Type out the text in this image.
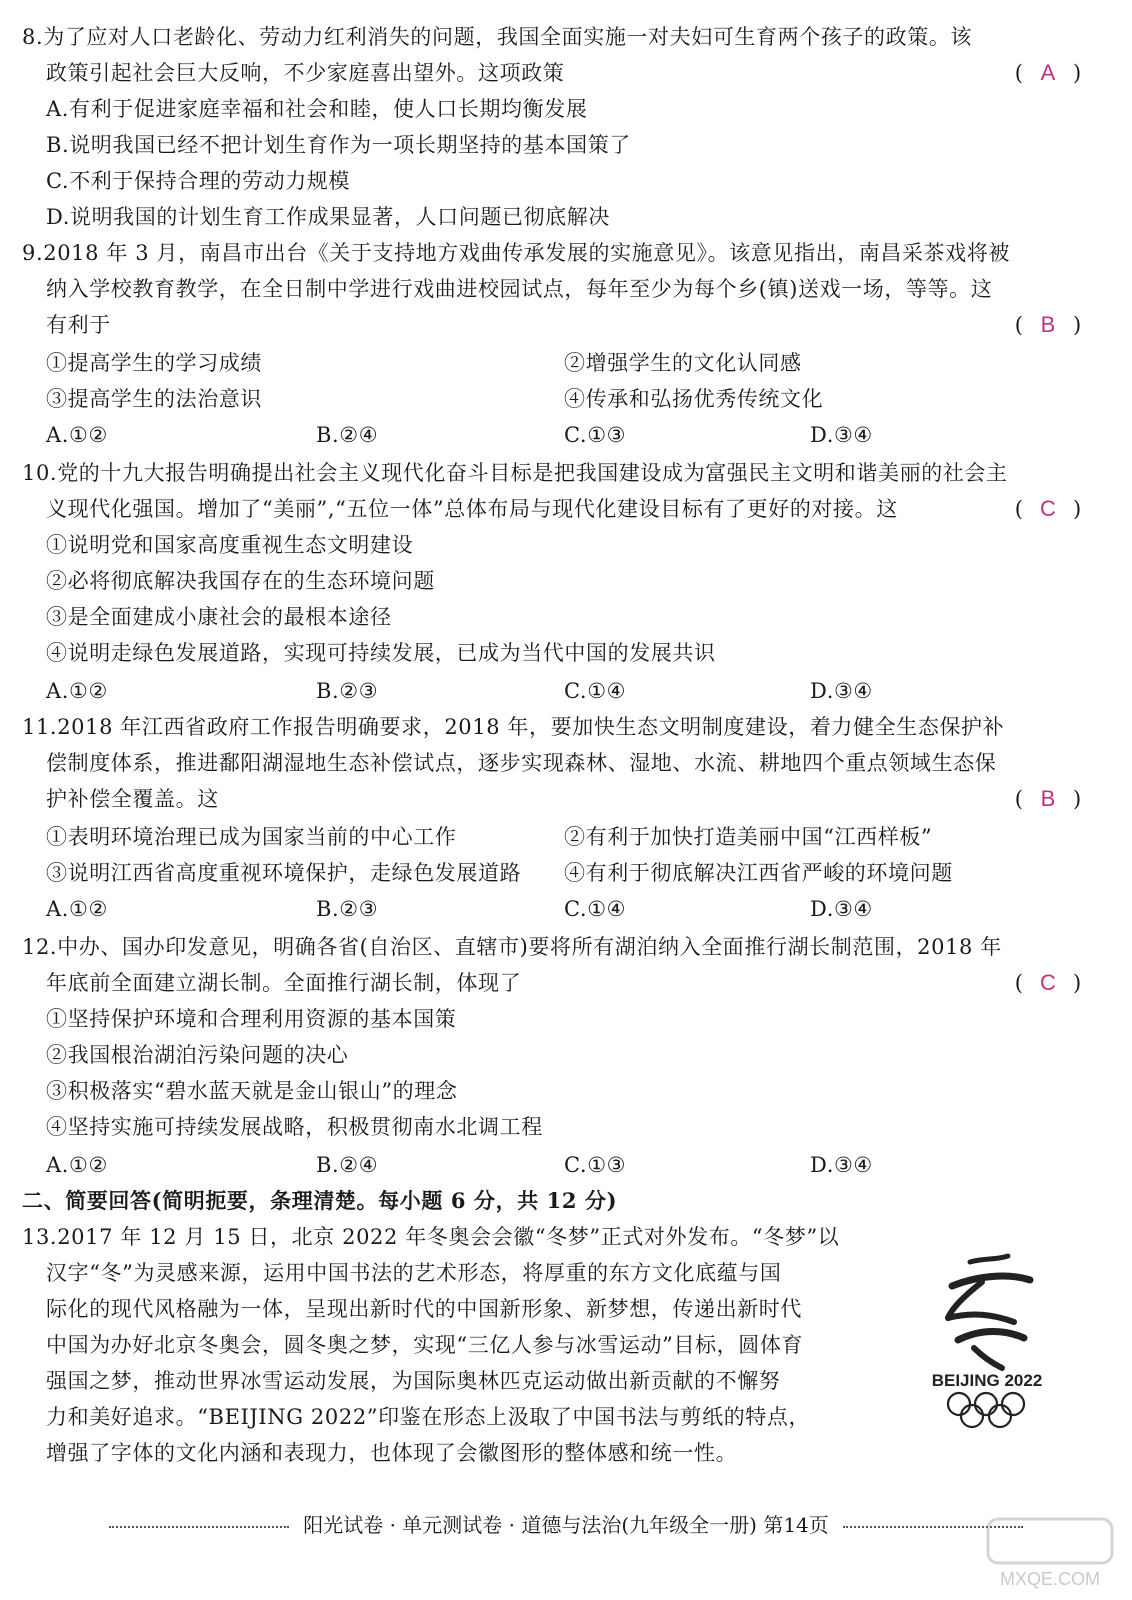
8.为了应对人口老龄化、劳动力红利消失的问题，我国全面实施一对夫妇可生育两个孩子的政策。该
政策引起社会巨大反响，不少家庭喜出望外。这项政策	( A )
A.有利于促进家庭幸福和社会和睦，使人口长期均衡发展
B.说明我国已经不把计划生育作为一项长期坚持的基本国策了
C.不利于保持合理的劳动力规模
D.说明我国的计划生育工作成果显著，人口问题已彻底解决
9.2018 年 3 月，南昌市出台《关于支持地方戏曲传承发展的实施意见》。该意见指出，南昌采茶戏将被
纳入学校教育教学，在全日制中学进行戏曲进校园试点，每年至少为每个乡(镇)送戏一场，等等。这
有利于	( B )
①提高学生的学习成绩	②增强学生的文化认同感
③提高学生的法治意识	④传承和弘扬优秀传统文化
A.①②	B.②④	C.①③	D.③④
10.党的十九大报告明确提出社会主义现代化奋斗目标是把我国建设成为富强民主文明和谐美丽的社会主
义现代化强国。增加了“美丽”,“五位一体”总体布局与现代化建设目标有了更好的对接。这	( C )
①说明党和国家高度重视生态文明建设
②必将彻底解决我国存在的生态环境问题
③是全面建成小康社会的最根本途径
④说明走绿色发展道路，实现可持续发展，已成为当代中国的发展共识
A.①②	B.②③	C.①④	D.③④
11.2018 年江西省政府工作报告明确要求，2018 年，要加快生态文明制度建设，着力健全生态保护补
偿制度体系，推进鄱阳湖湿地生态补偿试点，逐步实现森林、湿地、水流、耕地四个重点领域生态保
护补偿全覆盖。这	( B )
①表明环境治理已成为国家当前的中心工作	②有利于加快打造美丽中国“江西样板”
③说明江西省高度重视环境保护，走绿色发展道路 ④有利于彻底解决江西省严峻的环境问题
A.①②	B.②③	C.①④	D.③④
12.中办、国办印发意见，明确各省(自治区、直辖市)要将所有湖泊纳入全面推行湖长制范围，2018 年
年底前全面建立湖长制。全面推行湖长制，体现了	( C )
①坚持保护环境和合理利用资源的基本国策
②我国根治湖泊污染问题的决心
③积极落实“碧水蓝天就是金山银山”的理念
④坚持实施可持续发展战略，积极贯彻南水北调工程
A.①②	B.②④	C.①③	D.③④
二、简要回答(简明扼要，条理清楚。每小题 6 分，共 12 分)
13.2017 年 12 月 15 日，北京 2022 年冬奥会会徽“冬梦”正式对外发布。“冬梦”以
汉字“冬”为灵感来源，运用中国书法的艺术形态，将厚重的东方文化底蕴与国
际化的现代风格融为一体，呈现出新时代的中国新形象、新梦想，传递出新时代
中国为办好北京冬奥会，圆冬奥之梦，实现“三亿人参与冰雪运动”目标，圆体育
强国之梦，推动世界冰雪运动发展，为国际奥林匹克运动做出新贡献的不懈努
力和美好追求。“BEIJING 2022”印鉴在形态上汲取了中国书法与剪纸的特点，
增强了字体的文化内涵和表现力，也体现了会徽图形的整体感和统一性。
BEIJING 2022
阳光试卷 · 单元测试卷 · 道德与法治(九年级全一册) 第14页
MXQE.COM
